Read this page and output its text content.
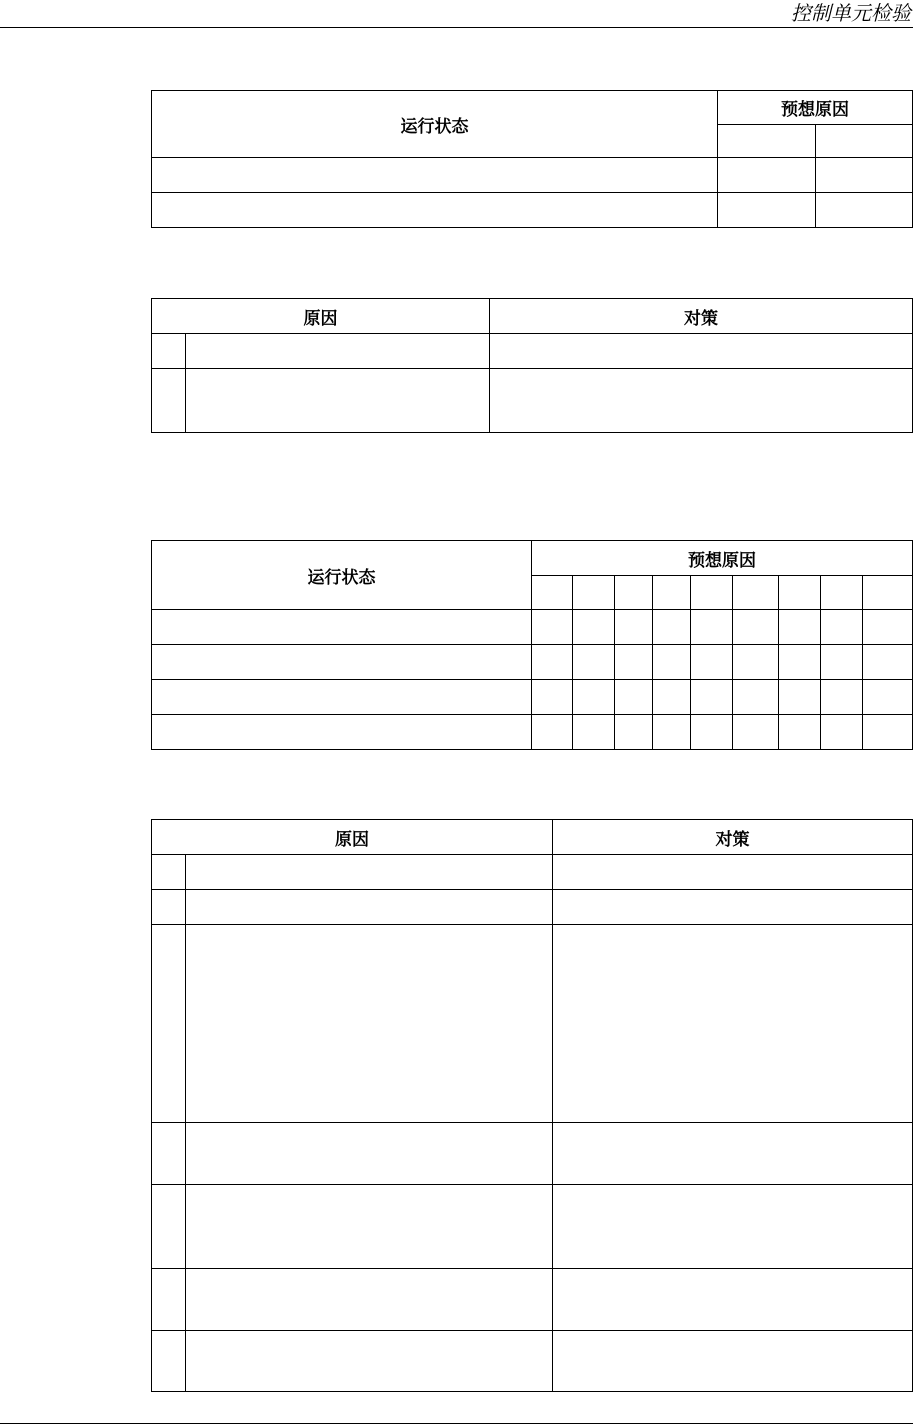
控制单元检验
运行状态	预想原因	

原因		对策

运行状态	预想原因								

原因		对策
